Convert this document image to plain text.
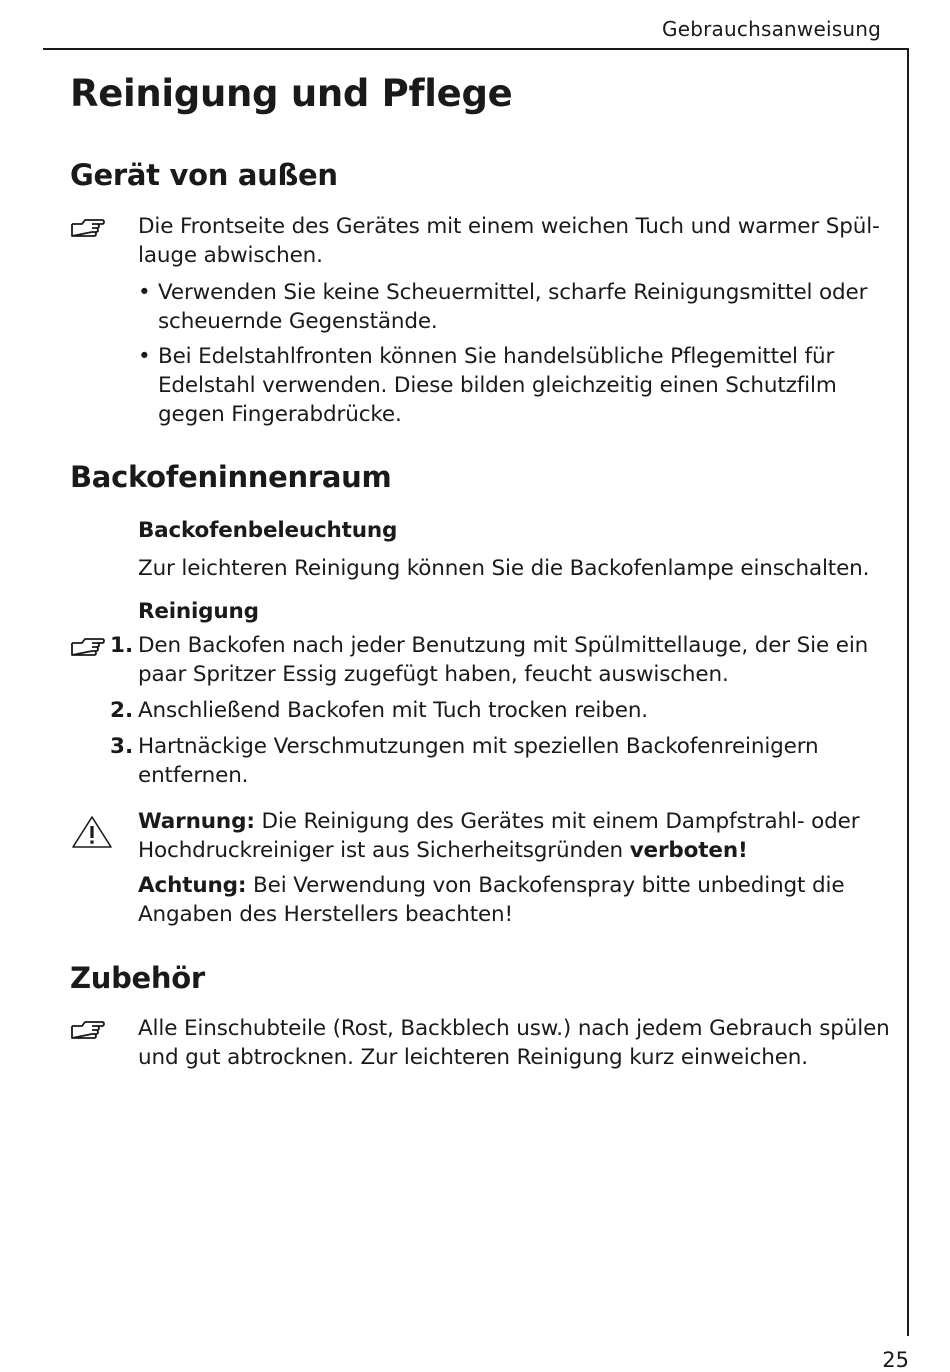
Gebrauchsanweisung
Reinigung und Pflege
Gerät von außen

Die Frontseite des Gerätes mit einem weichen Tuch und warmer Spül-

lauge abwischen.

• Verwenden Sie keine Scheuermittel, scharfe Reinigungsmittel oder

scheuernde Gegenstände.

• Bei Edelstahlfronten können Sie handelsübliche Pflegemittel für

Edelstahl verwenden. Diese bilden gleichzeitig einen Schutzfilm

gegen Fingerabdrücke.

Backofeninnenraum

Backofenbeleuchtung

Zur leichteren Reinigung können Sie die Backofenlampe einschalten.

Reinigung

1. Den Backofen nach jeder Benutzung mit Spülmittellauge, der Sie ein

paar Spritzer Essig zugefügt haben, feucht auswischen.

2. Anschließend Backofen mit Tuch trocken reiben.

3. Hartnäckige Verschmutzungen mit speziellen Backofenreinigern

entfernen.

Warnung: Die Reinigung des Gerätes mit einem Dampfstrahl- oder

Hochdruckreiniger ist aus Sicherheitsgründen verboten!

Achtung: Bei Verwendung von Backofenspray bitte unbedingt die

Angaben des Herstellers beachten!

Zubehör

Alle Einschubteile (Rost, Backblech usw.) nach jedem Gebrauch spülen

und gut abtrocknen. Zur leichteren Reinigung kurz einweichen.

25
